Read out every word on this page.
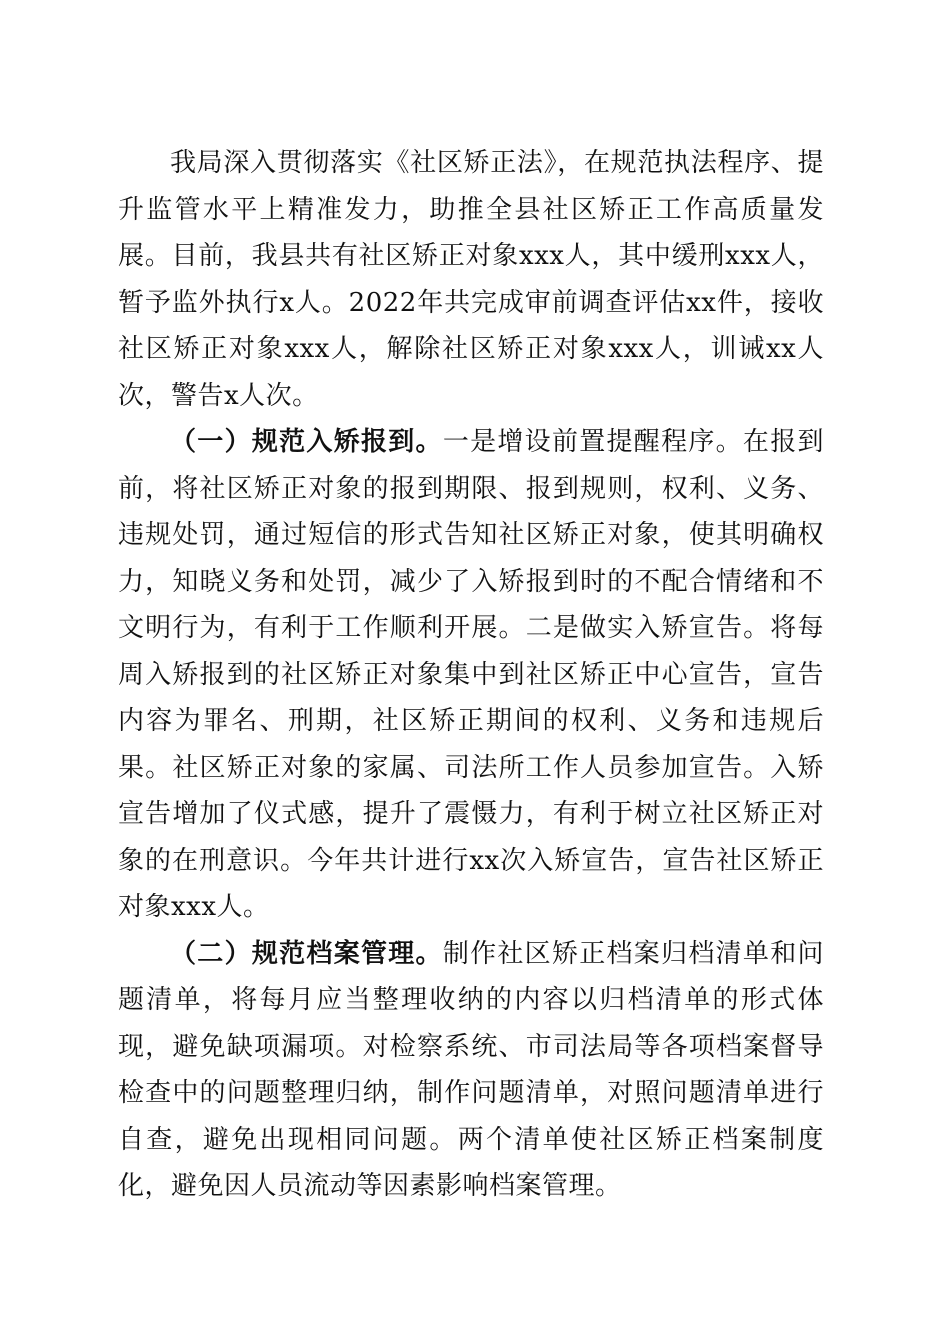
我局深入贯彻落实《社区矫正法》，在规范执法程序、提升监管水平上精准发力，助推全县社区矫正工作高质量发展。目前，我县共有社区矫正对象xxx人，其中缓刑xxx人，暂予监外执行x人。2022年共完成审前调查评估xx件，接收社区矫正对象xxx人，解除社区矫正对象xxx人，训诫xx人次，警告x人次。

（一）规范入矫报到。一是增设前置提醒程序。在报到前，将社区矫正对象的报到期限、报到规则，权利、义务、违规处罚，通过短信的形式告知社区矫正对象，使其明确权力，知晓义务和处罚，减少了入矫报到时的不配合情绪和不文明行为，有利于工作顺利开展。二是做实入矫宣告。将每周入矫报到的社区矫正对象集中到社区矫正中心宣告，宣告内容为罪名、刑期，社区矫正期间的权利、义务和违规后果。社区矫正对象的家属、司法所工作人员参加宣告。入矫宣告增加了仪式感，提升了震慑力，有利于树立社区矫正对象的在刑意识。今年共计进行xx次入矫宣告，宣告社区矫正对象xxx人。

（二）规范档案管理。制作社区矫正档案归档清单和问题清单，将每月应当整理收纳的内容以归档清单的形式体现，避免缺项漏项。对检察系统、市司法局等各项档案督导检查中的问题整理归纳，制作问题清单，对照问题清单进行自查，避免出现相同问题。两个清单使社区矫正档案制度化，避免因人员流动等因素影响档案管理。
